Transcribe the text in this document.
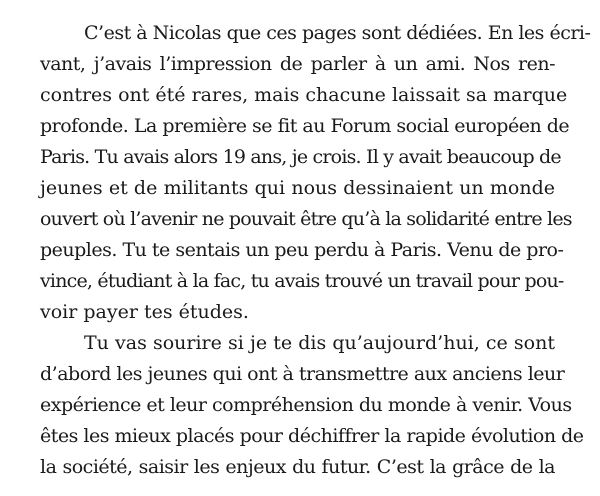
C’est à Nicolas que ces pages sont dédiées. En les écri-
vant, j’avais l’impression de parler à un ami. Nos ren-
contres ont été rares, mais chacune laissait sa marque
profonde. La première se fit au Forum social européen de
Paris. Tu avais alors 19 ans, je crois. Il y avait beaucoup de
jeunes et de militants qui nous dessinaient un monde
ouvert où l’avenir ne pouvait être qu’à la solidarité entre les
peuples. Tu te sentais un peu perdu à Paris. Venu de pro-
vince, étudiant à la fac, tu avais trouvé un travail pour pou-
voir payer tes études.
Tu vas sourire si je te dis qu’aujourd’hui, ce sont
d’abord les jeunes qui ont à transmettre aux anciens leur
expérience et leur compréhension du monde à venir. Vous
êtes les mieux placés pour déchiffrer la rapide évolution de
la société, saisir les enjeux du futur. C’est la grâce de la
